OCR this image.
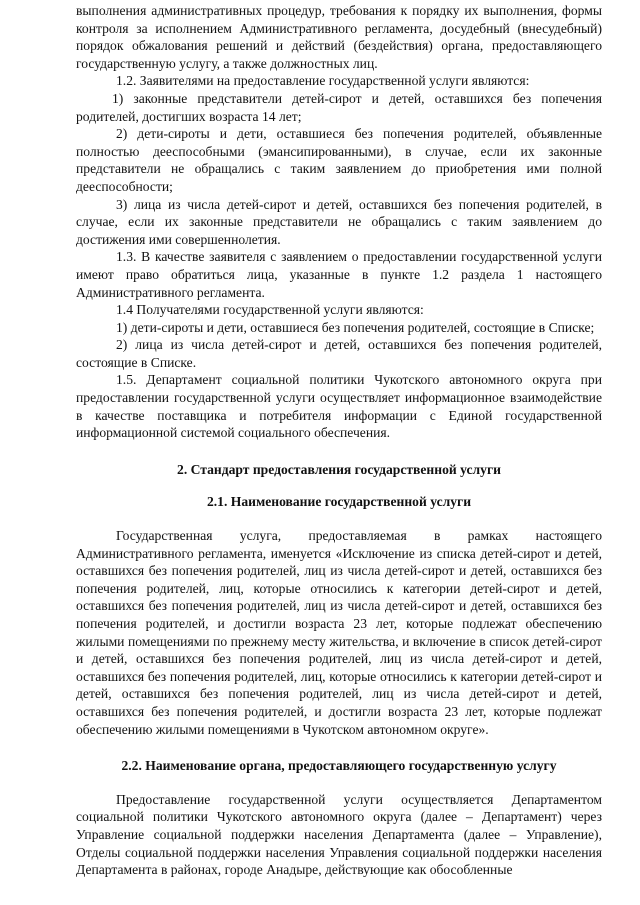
выполнения административных процедур, требования к порядку их выполнения, формы контроля за исполнением Административного регламента, досудебный (внесудебный) порядок обжалования решений и действий (бездействия) органа, предоставляющего государственную услугу, а также должностных лиц.

1.2. Заявителями на предоставление государственной услуги являются:

1) законные представители детей-сирот и детей, оставшихся без попечения родителей, достигших возраста 14 лет;

2) дети-сироты и дети, оставшиеся без попечения родителей, объявленные полностью дееспособными (эмансипированными), в случае, если их законные представители не обращались с таким заявлением до приобретения ими полной дееспособности;

3) лица из числа детей-сирот и детей, оставшихся без попечения родителей, в случае, если их законные представители не обращались с таким заявлением до достижения ими совершеннолетия.

1.3. В качестве заявителя с заявлением о предоставлении государственной услуги имеют право обратиться лица, указанные в пункте 1.2 раздела 1 настоящего Административного регламента.

1.4 Получателями государственной услуги являются:

1) дети-сироты и дети, оставшиеся без попечения родителей, состоящие в Списке;

2) лица из числа детей-сирот и детей, оставшихся без попечения родителей, состоящие в Списке.

1.5. Департамент социальной политики Чукотского автономного округа при предоставлении государственной услуги осуществляет информационное взаимодействие в качестве поставщика и потребителя информации с Единой государственной информационной системой социального обеспечения.

2. Стандарт предоставления государственной услуги
2.1. Наименование государственной услуги

Государственная услуга, предоставляемая в рамках настоящего Административного регламента, именуется «Исключение из списка детей-сирот и детей, оставшихся без попечения родителей, лиц из числа детей-сирот и детей, оставшихся без попечения родителей, лиц, которые относились к категории детей-сирот и детей, оставшихся без попечения родителей, лиц из числа детей-сирот и детей, оставшихся без попечения родителей, и достигли возраста 23 лет, которые подлежат обеспечению жилыми помещениями по прежнему месту жительства, и включение в список детей-сирот и детей, оставшихся без попечения родителей, лиц из числа детей-сирот и детей, оставшихся без попечения родителей, лиц, которые относились к категории детей-сирот и детей, оставшихся без попечения родителей, лиц из числа детей-сирот и детей, оставшихся без попечения родителей, и достигли возраста 23 лет, которые подлежат обеспечению жилыми помещениями в Чукотском автономном округе».

2.2. Наименование органа, предоставляющего государственную услугу

Предоставление государственной услуги осуществляется Департаментом социальной политики Чукотского автономного округа (далее – Департамент) через Управление социальной поддержки населения Департамента (далее – Управление), Отделы социальной поддержки населения Управления социальной поддержки населения Департамента в районах, городе Анадыре, действующие как обособленные
